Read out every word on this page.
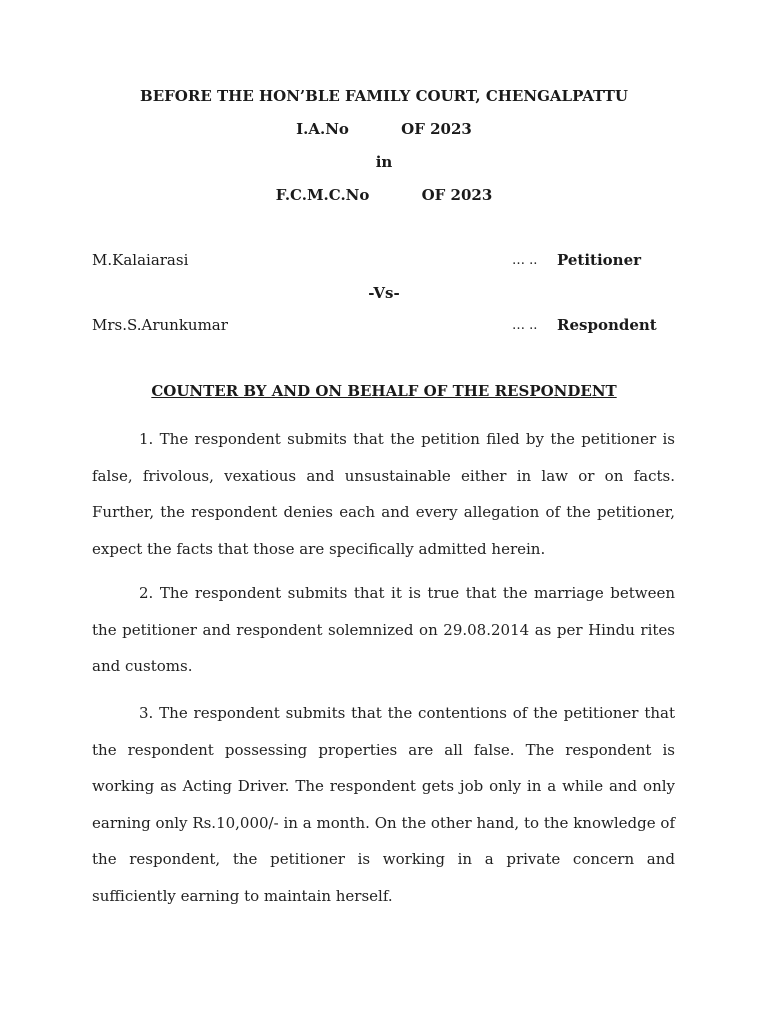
BEFORE THE HON’BLE FAMILY COURT, CHENGALPATTU
I.A.No          OF 2023
in
F.C.M.C.No          OF 2023
M.Kalaiarasi	… .. Petitioner
-Vs-
Mrs.S.Arunkumar	… .. Respondent
COUNTER BY AND ON BEHALF OF THE RESPONDENT

1. The respondent submits that the petition filed by the petitioner is false, frivolous, vexatious and unsustainable either in law or on facts. Further, the respondent denies each and every allegation of the petitioner, expect the facts that those are specifically admitted herein.

2. The respondent submits that it is true that the marriage between the petitioner and respondent solemnized on 29.08.2014 as per Hindu rites and customs.

3. The respondent submits that the contentions of the petitioner that the respondent possessing properties are all false. The respondent is working as Acting Driver. The respondent gets job only in a while and only earning only Rs.10,000/- in a month. On the other hand, to the knowledge of the respondent, the petitioner is working in a private concern and sufficiently earning to maintain herself.
